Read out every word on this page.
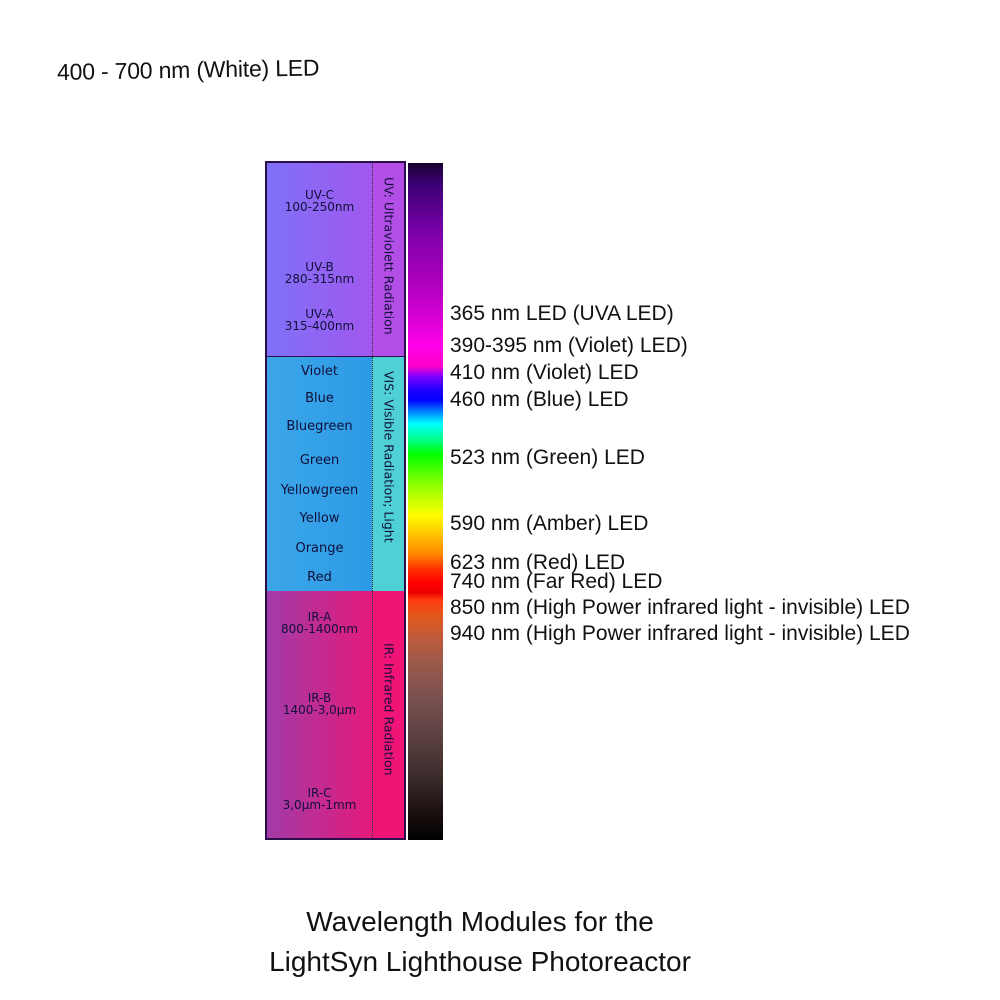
400 - 700 nm (White) LED
UV-C
100-250nm
UV-B
280-315nm
UV-A
315-400nm	UV: Ultraviolett Radiation
Violet
Blue
Bluegreen
Green
Yellowgreen
Yellow
Orange
Red
VIS: Visible Radiation; Light
IR-A
800-1400nm
IR-B
1400-3,0µm
IR-C
3,0µm-1mm
IR: Infrared Radiation
365 nm LED (UVA LED)
390-395 nm (Violet) LED)
410 nm (Violet) LED
460 nm (Blue) LED
523 nm (Green) LED
590 nm (Amber) LED
623 nm (Red) LED
740 nm (Far Red) LED
850 nm (High Power infrared light - invisible) LED
940 nm (High Power infrared light - invisible) LED
Wavelength Modules for the
LightSyn Lighthouse Photoreactor
